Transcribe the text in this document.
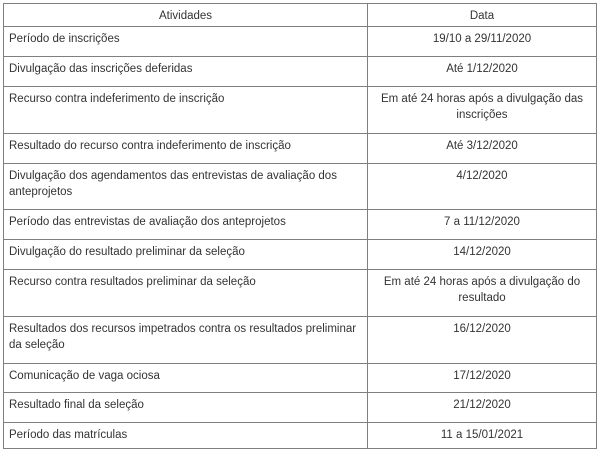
Atividades	Data
Período de inscrições	19/10 a 29/11/2020
Divulgação das inscrições deferidas	Até 1/12/2020
Recurso contra indeferimento de inscrição	Em até 24 horas após a divulgação das inscrições
Resultado do recurso contra indeferimento de inscrição	Até 3/12/2020
Divulgação dos agendamentos das entrevistas de avaliação dos anteprojetos	4/12/2020
Período das entrevistas de avaliação dos anteprojetos	7 a 11/12/2020
Divulgação do resultado preliminar da seleção	14/12/2020
Recurso contra resultados preliminar da seleção	Em até 24 horas após a divulgação do resultado
Resultados dos recursos impetrados contra os resultados preliminar da seleção	16/12/2020
Comunicação de vaga ociosa	17/12/2020
Resultado final da seleção	21/12/2020
Período das matrículas	11 a 15/01/2021
